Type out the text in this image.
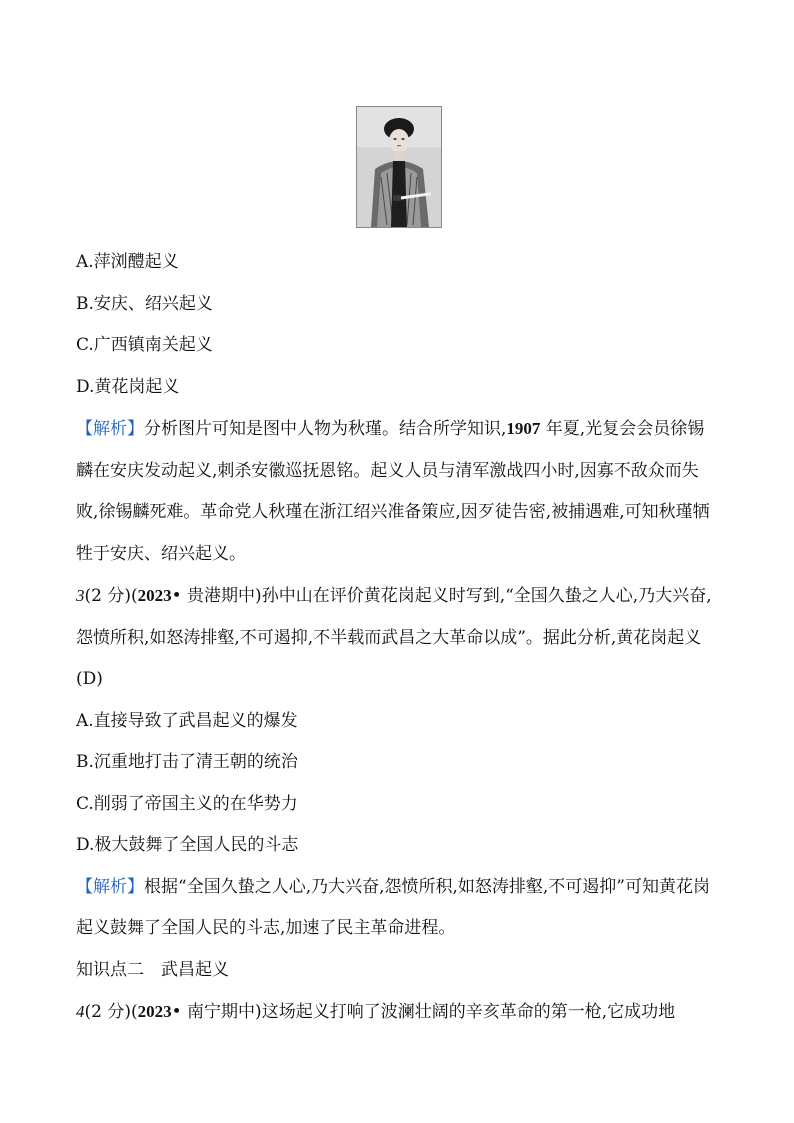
A.萍浏醴起义

B.安庆、绍兴起义

C.广西镇南关起义

D.黄花岗起义

【解析】分析图片可知是图中人物为秋瑾。结合所学知识,1907 年夏,光复会会员徐锡麟在安庆发动起义,刺杀安徽巡抚恩铭。起义人员与清军激战四小时,因寡不敌众而失败,徐锡麟死难。革命党人秋瑾在浙江绍兴准备策应,因歹徒告密,被捕遇难,可知秋瑾牺牲于安庆、绍兴起义。

3(2 分)(2023• 贵港期中)孙中山在评价黄花岗起义时写到,“全国久蛰之人心,乃大兴奋,怨愤所积,如怒涛排壑,不可遏抑,不半载而武昌之大革命以成”。据此分析,黄花岗起义 (D)

A.直接导致了武昌起义的爆发

B.沉重地打击了清王朝的统治

C.削弱了帝国主义的在华势力

D.极大鼓舞了全国人民的斗志

【解析】根据“全国久蛰之人心,乃大兴奋,怨愤所积,如怒涛排壑,不可遏抑”可知黄花岗起义鼓舞了全国人民的斗志,加速了民主革命进程。

知识点二　武昌起义

4(2 分)(2023• 南宁期中)这场起义打响了波澜壮阔的辛亥革命的第一枪,它成功地
